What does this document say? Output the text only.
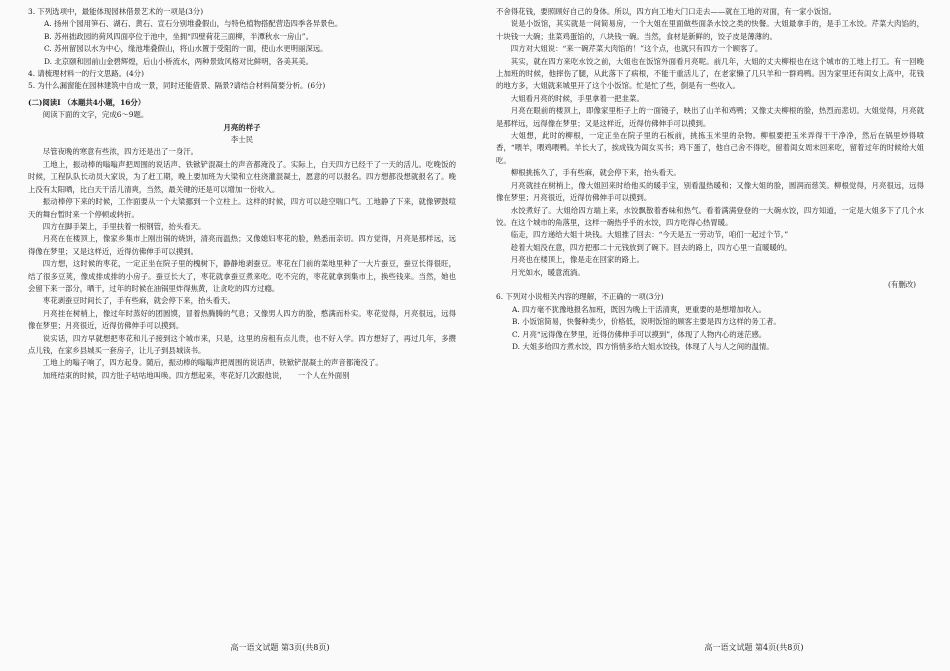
3. 下列选项中，最能体现园林借景艺术的一项是(3分)

A. 扬州个园用笋石、湖石、黄石、宣石分别堆叠假山，与特色植物搭配营造四季各异景色。

B. 苏州拙政园的荷风四面亭位于池中，坐拥“四壁荷花三面柳，半潭秋水一房山”。

C. 苏州留园以水为中心，缘池堆叠假山，将山水置于受阻的一面，使山水更明丽深远。

D. 北京颐和园前山金碧辉煌，后山小桥流水，两种景致风格对比鲜明，各美其美。

4. 请梳理材料一的行文思路。(4分)

5. 为什么漏窗能在园林建筑中自成一景，同时还能借景、隔景?请结合材料简要分析。(6分)

(二)阅读Ⅰ （本题共4小题，16分）

阅读下面的文字，完成6～9题。

月亮的样子

李士民

尽管夜晚的寒意有些浓，四方还是出了一身汗。

工地上，振动棒的嗡嗡声把周围的说话声、铁锨铲混凝土的声音都淹没了。实际上，白天四方已经干了一天的活儿。吃晚饭的时候，工程队队长动员大家说，为了赶工期，晚上要加班为大梁和立柱浇灌混凝土，愿意的可以报名。四方想都没想就报名了。晚上没有太阳晒，比白天干活儿清爽，当然，最关键的还是可以增加一份收入。

振动棒停下来的时候，工作面要从一个大梁挪到一个立柱上。这样的时候，四方可以趁空喘口气。工地静了下来，就像锣鼓喧天的舞台暂时来一个停顿或转折。

四方在脚手架上，手里扶着一根钢管，抬头看天。

月亮在在楼顶上，像家乡集市上刚出锅的烧饼，清亮而温热；又像媳妇枣花的脸，熟悉而亲切。四方觉得，月亮是那样远，远得像在梦里；又是这样近，近得仿佛伸手可以摸到。

四方想，这时候的枣花，一定正坐在院子里的槐树下，静静地剥蚕豆。枣花在门前的菜地里种了一大片蚕豆，蚕豆长得很旺，结了很多豆荚，像成排成排的小房子。蚕豆长大了，枣花就拿蚕豆煮来吃。吃不完的，枣花就拿到集市上，换些钱来。当然，她也会留下来一部分，晒干，过年的时候在油锅里炸得焦黄，让贪吃的四方过瘾。

枣花剥蚕豆时间长了，手有些麻，就会停下来，抬头看天。

月亮挂在树梢上，像过年时蒸好的团圆馍，冒着热腾腾的气息；又像男人四方的脸，憨满而朴实。枣花觉得，月亮很远，远得像在梦里；月亮很近，近得仿佛伸手可以摸到。

说实话，四方早就想把枣花和儿子接到这个城市来，只是，这里的房租有点儿贵，也不好入学。四方想好了，再过几年，多攒点儿钱，在家乡县城买一套房子，让儿子到县城读书。

工地上的嗡子响了，四方起身。随后，振动棒的嗡嗡声把周围的说话声、铁锨铲混凝土的声音都淹没了。

加班结束的时候，四方肚子咕咕地叫唤。四方想起来，枣花好几次跟他说，　　一个人在外面别

不舍得花钱，要照顾好自己的身体。所以，四方向工地大门口走去——就在工地的对面，有一家小饭馆。

说是小饭馆，其实就是一间简易房，一个大姐在里面做些面条水饺之类的快餐。大姐最拿手的，是手工水饺。芹菜大肉馅的，十块钱一大碗；韭菜鸡蛋馅的，八块钱一碗。当然，食材是新鲜的，饺子皮是薄薄的。

四方对大姐说：“来一碗芹菜大肉馅的！”这个点，也就只有四方一个顾客了。

其实，就在四方来吃水饺之前，大姐也在饭馆外面看月亮呢。前几年，大姐的丈夫柳根也在这个城市的工地上打工。有一回晚上加班的时候，他摔伤了腿，从此落下了病根，不能干重活儿了，在老家懒了几只羊和一群鸡鸭。因为家里还有闺女上高中，花钱的地方多，大姐就来城里开了这个小饭馆。忙是忙了些，倒是有一些收入。

大姐看月亮的时候，手里拿着一把韭菜。

月亮在眼前的楼顶上，即像家里柜子上的一面镜子，映出了山羊和鸡鸭；又像丈夫柳根的脸，热烈而悲切。大姐觉得，月亮就是那样远，远得像在梦里；又是这样近，近得仿佛伸手可以摸到。

大姐想，此时的柳根，一定正坐在院子里的石板前，挑拣玉米里的杂物。柳根要把玉米弄得干干净净，然后在锅里炒得喷香，“喂羊，喂鸡喂鸭。羊长大了，挨成钱为闺女买书；鸡下蛋了，他自己舍不得吃，留着闺女周末回来吃，留着过年的时候给大姐吃。

柳根挑拣久了，手有些麻，就会停下来，抬头看天。

月亮就挂在树梢上，像大姐回来时给他买的暖手宝，别看温热暖和；又像大姐的脸，圆润而慈笑。柳根觉得，月亮很远，远得像在梦里；月亮很近，近得仿佛伸手可以摸到。

水饺煮好了。大姐给四方端上来，水饺飘散着香味和热气。看着满满登登的一大碗水饺，四方知道，一定是大姐多下了几个水饺。在这个城市的角落里，这样一碗热乎乎的水饺，四方吃得心热胃暖。

临走，四方递给大姐十块钱。大姐推了回去：“今天是五一劳动节，咱们一起过个节。”

趁着大姐没在意，四方把那二十元钱放到了碗下。回去的路上，四方心里一直暖暖的。

月亮也在楼顶上，像是走在回家的路上。

月光如水，暖意流淌。

(有删改)

6. 下列对小说相关内容的理解，不正确的一项(3分)

A. 四方毫不犹豫地报名加班，既因为晚上干活清爽，更重要的是想增加收入。

B. 小饭馆简易，快餐种类少，价格低，说明饭馆的顾客主要是四方这样的务工者。

C. 月亮“远得像在梦里，近得仿佛伸手可以摸到”，体现了人物内心的迷茫感。

D. 大姐多给四方煮水饺，四方悄悄多给大姐水饺钱，体现了人与人之间的温情。

高一语文试题 第3页(共8页)	高一语文试题 第4页(共8页)
